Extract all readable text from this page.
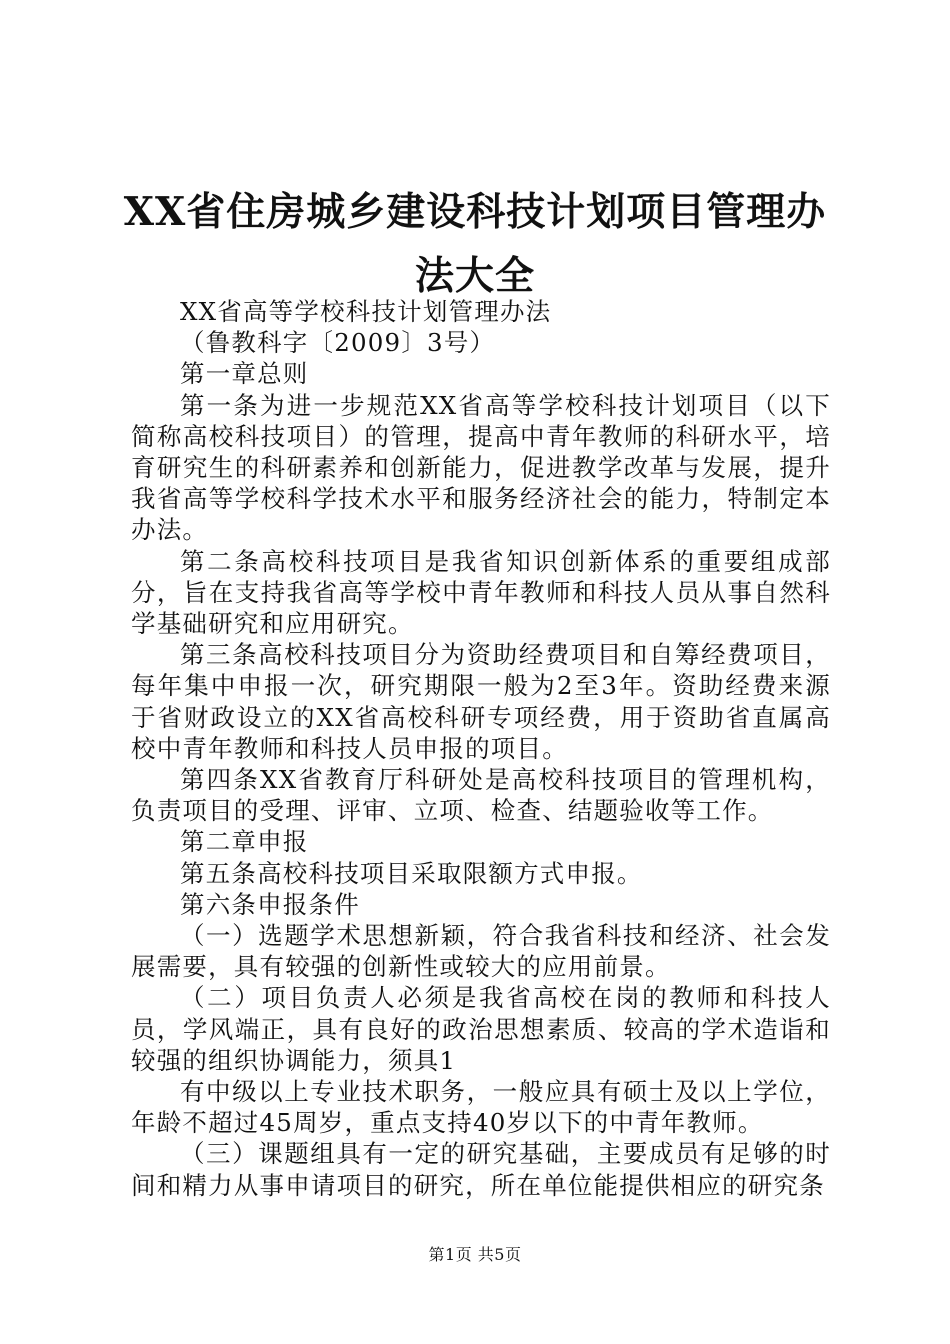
XX省住房城乡建设科技计划项目管理办法大全

XX省高等学校科技计划管理办法

（鲁教科字〔2009〕3号）

第一章总则

第一条为进一步规范XX省高等学校科技计划项目（以下简称高校科技项目）的管理，提高中青年教师的科研水平，培育研究生的科研素养和创新能力，促进教学改革与发展，提升我省高等学校科学技术水平和服务经济社会的能力，特制定本办法。

第二条高校科技项目是我省知识创新体系的重要组成部分，旨在支持我省高等学校中青年教师和科技人员从事自然科学基础研究和应用研究。

第三条高校科技项目分为资助经费项目和自筹经费项目，每年集中申报一次，研究期限一般为2至3年。资助经费来源于省财政设立的XX省高校科研专项经费，用于资助省直属高校中青年教师和科技人员申报的项目。

第四条XX省教育厅科研处是高校科技项目的管理机构，负责项目的受理、评审、立项、检查、结题验收等工作。

第二章申报

第五条高校科技项目采取限额方式申报。

第六条申报条件

（一）选题学术思想新颖，符合我省科技和经济、社会发展需要，具有较强的创新性或较大的应用前景。

（二）项目负责人必须是我省高校在岗的教师和科技人员，学风端正，具有良好的政治思想素质、较高的学术造诣和较强的组织协调能力，须具1

有中级以上专业技术职务，一般应具有硕士及以上学位，年龄不超过45周岁，重点支持40岁以下的中青年教师。

（三）课题组具有一定的研究基础，主要成员有足够的时间和精力从事申请项目的研究，所在单位能提供相应的研究条

第1页 共5页
